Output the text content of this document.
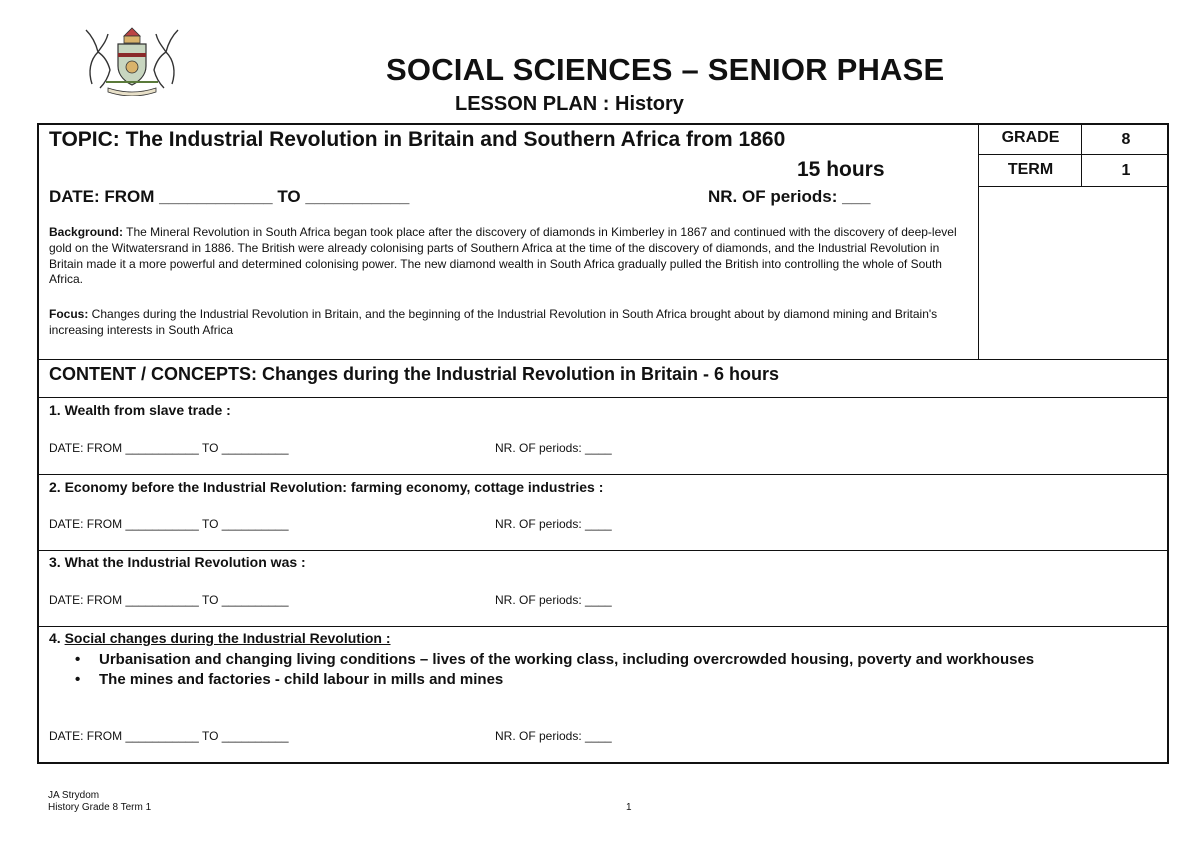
SOCIAL SCIENCES – SENIOR PHASE
LESSON PLAN : History
GRADE	8
TERM	1
TOPIC: The Industrial Revolution in Britain and Southern Africa from 1860
15 hours
DATE: FROM ____________ TO ___________	NR. OF periods: ___
Background: The Mineral Revolution in South Africa began took place after the discovery of diamonds in Kimberley in 1867 and continued with the discovery of deep-level gold on the Witwatersrand in 1886. The British were already colonising parts of Southern Africa at the time of the discovery of diamonds, and the Industrial Revolution in Britain made it a more powerful and determined colonising power. The new diamond wealth in South Africa gradually pulled the British into controlling the whole of South Africa.
Focus: Changes during the Industrial Revolution in Britain, and the beginning of the Industrial Revolution in South Africa brought about by diamond mining and Britain's increasing interests in South Africa
CONTENT / CONCEPTS: Changes during the Industrial Revolution in Britain - 6 hours
1. Wealth from slave trade :
DATE: FROM ___________ TO __________	NR. OF periods: ____
2. Economy before the Industrial Revolution: farming economy, cottage industries :
DATE: FROM ___________ TO __________	NR. OF periods: ____
3. What the Industrial Revolution was :
DATE: FROM ___________ TO __________	NR. OF periods: ____
4. Social changes during the Industrial Revolution :
• Urbanisation and changing living conditions – lives of the working class, including overcrowded housing, poverty and workhouses
• The mines and factories - child labour in mills and mines
DATE: FROM ___________ TO __________	NR. OF periods: ____
JA Strydom
History Grade 8 Term 1	1
